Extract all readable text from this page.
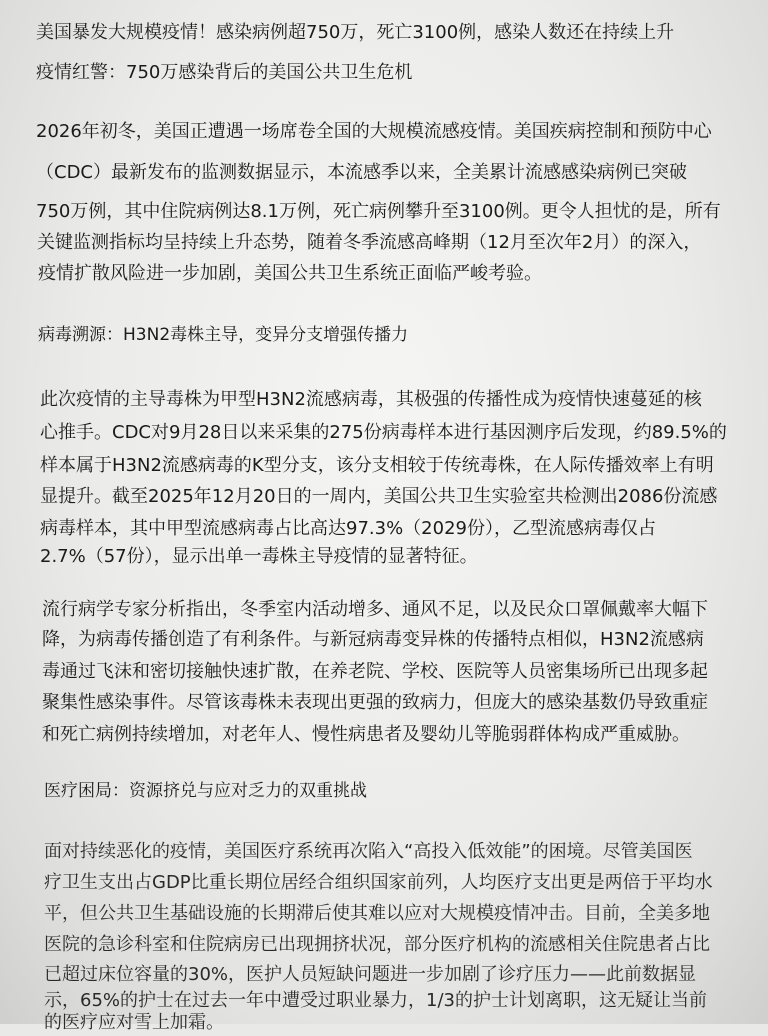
美国暴发大规模疫情！感染病例超750万，死亡3100例，感染人数还在持续上升
疫情红警：750万感染背后的美国公共卫生危机
2026年初冬，美国正遭遇一场席卷全国的大规模流感疫情。美国疾病控制和预防中心
（CDC）最新发布的监测数据显示，本流感季以来，全美累计流感感染病例已突破
750万例，其中住院病例达8.1万例，死亡病例攀升至3100例。更令人担忧的是，所有
关键监测指标均呈持续上升态势，随着冬季流感高峰期（12月至次年2月）的深入，
疫情扩散风险进一步加剧，美国公共卫生系统正面临严峻考验。
病毒溯源：H3N2毒株主导，变异分支增强传播力
此次疫情的主导毒株为甲型H3N2流感病毒，其极强的传播性成为疫情快速蔓延的核
心推手。CDC对9月28日以来采集的275份病毒样本进行基因测序后发现，约89.5%的
样本属于H3N2流感病毒的K型分支，该分支相较于传统毒株，在人际传播效率上有明
显提升。截至2025年12月20日的一周内，美国公共卫生实验室共检测出2086份流感
病毒样本，其中甲型流感病毒占比高达97.3%（2029份），乙型流感病毒仅占
2.7%（57份），显示出单一毒株主导疫情的显著特征。
流行病学专家分析指出，冬季室内活动增多、通风不足，以及民众口罩佩戴率大幅下
降，为病毒传播创造了有利条件。与新冠病毒变异株的传播特点相似，H3N2流感病
毒通过飞沫和密切接触快速扩散，在养老院、学校、医院等人员密集场所已出现多起
聚集性感染事件。尽管该毒株未表现出更强的致病力，但庞大的感染基数仍导致重症
和死亡病例持续增加，对老年人、慢性病患者及婴幼儿等脆弱群体构成严重威胁。
医疗困局：资源挤兑与应对乏力的双重挑战
面对持续恶化的疫情，美国医疗系统再次陷入“高投入低效能”的困境。尽管美国医
疗卫生支出占GDP比重长期位居经合组织国家前列，人均医疗支出更是两倍于平均水
平，但公共卫生基础设施的长期滞后使其难以应对大规模疫情冲击。目前，全美多地
医院的急诊科室和住院病房已出现拥挤状况，部分医疗机构的流感相关住院患者占比
已超过床位容量的30%，医护人员短缺问题进一步加剧了诊疗压力——此前数据显
示，65%的护士在过去一年中遭受过职业暴力，1/3的护士计划离职，这无疑让当前
的医疗应对雪上加霜。
